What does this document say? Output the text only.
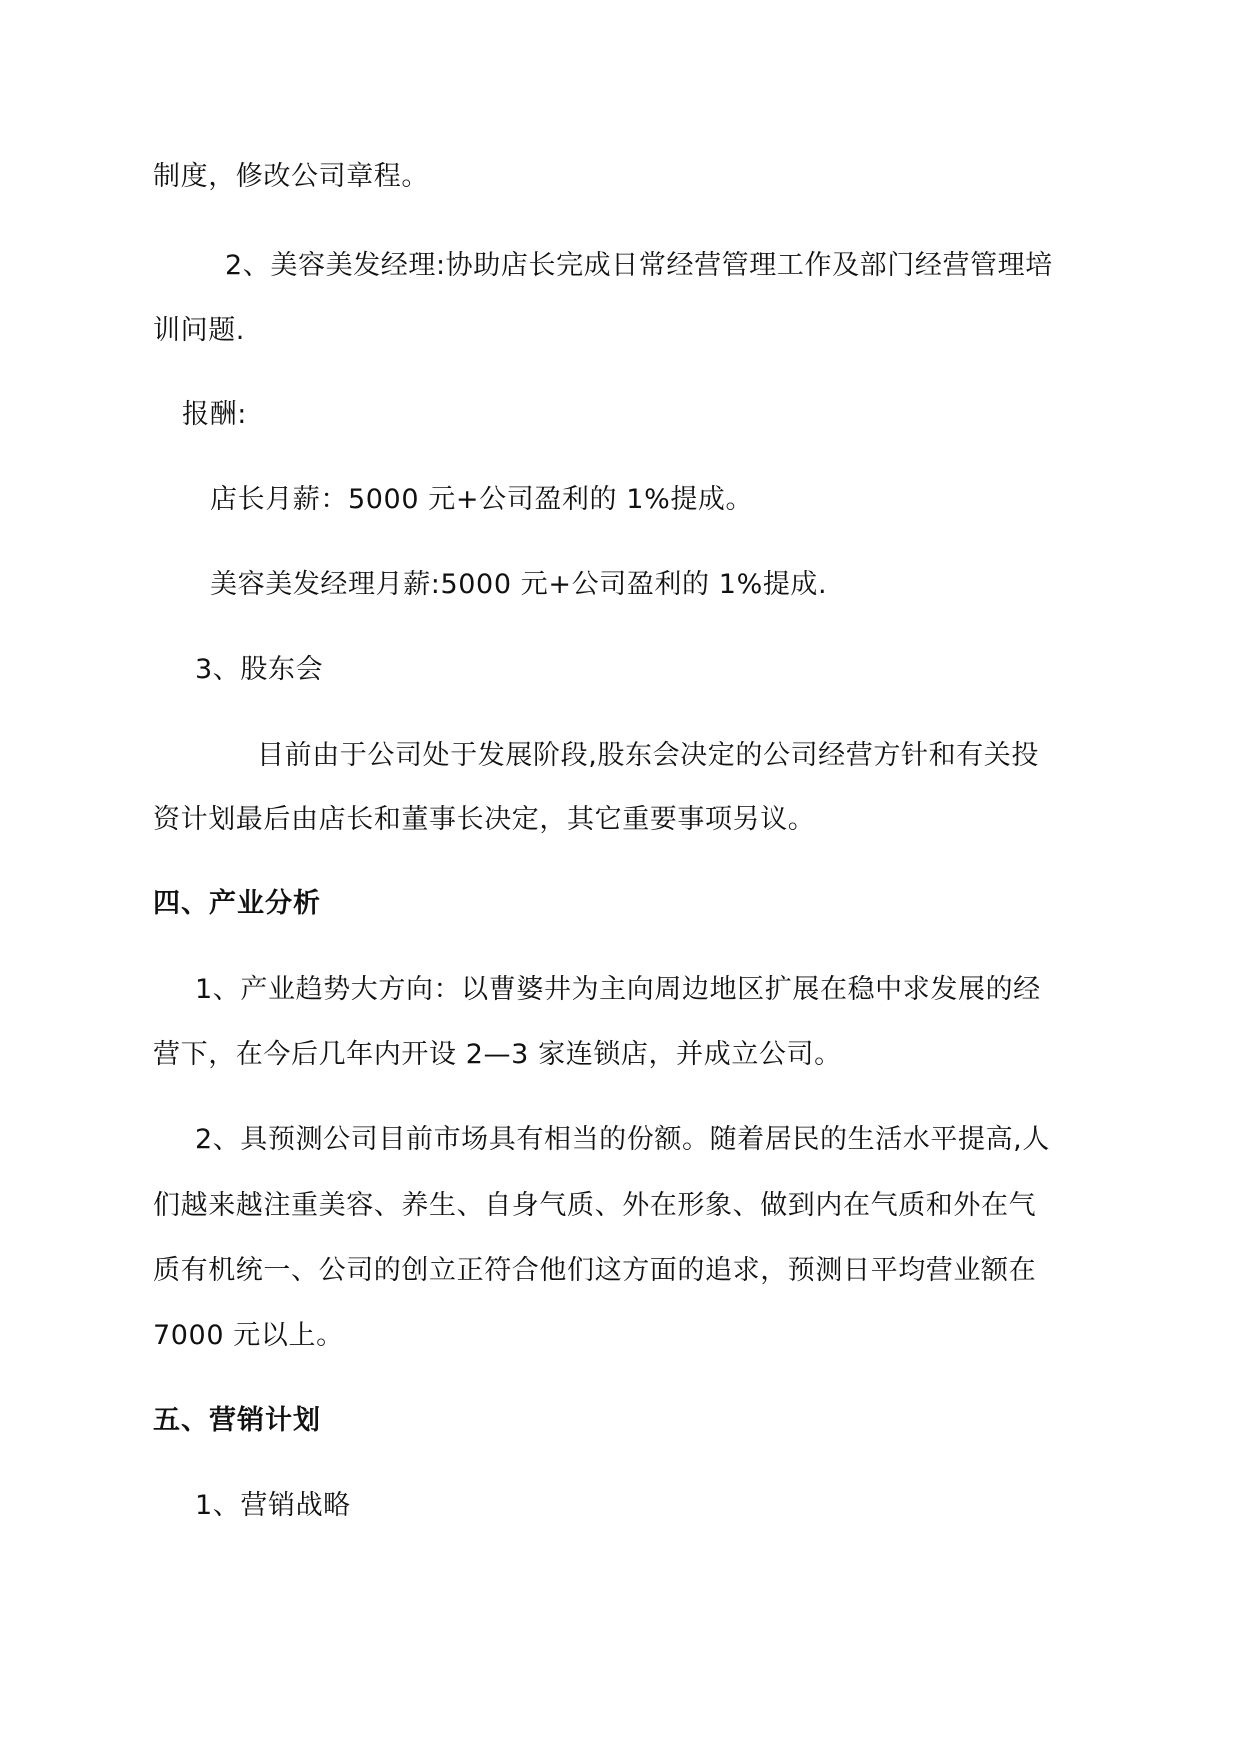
制度，修改公司章程。
2、美容美发经理:协助店长完成日常经营管理工作及部门经营管理培
训问题.
报酬:
店长月薪：5000 元+公司盈利的 1%提成。
美容美发经理月薪:5000 元+公司盈利的 1%提成.
3、股东会
目前由于公司处于发展阶段,股东会决定的公司经营方针和有关投
资计划最后由店长和董事长决定，其它重要事项另议。
四、产业分析
1、产业趋势大方向：以曹婆井为主向周边地区扩展在稳中求发展的经
营下，在今后几年内开设 2—3 家连锁店，并成立公司。
2、具预测公司目前市场具有相当的份额。随着居民的生活水平提高,人
们越来越注重美容、养生、自身气质、外在形象、做到内在气质和外在气
质有机统一、公司的创立正符合他们这方面的追求，预测日平均营业额在
7000 元以上。
五、营销计划
1、营销战略
